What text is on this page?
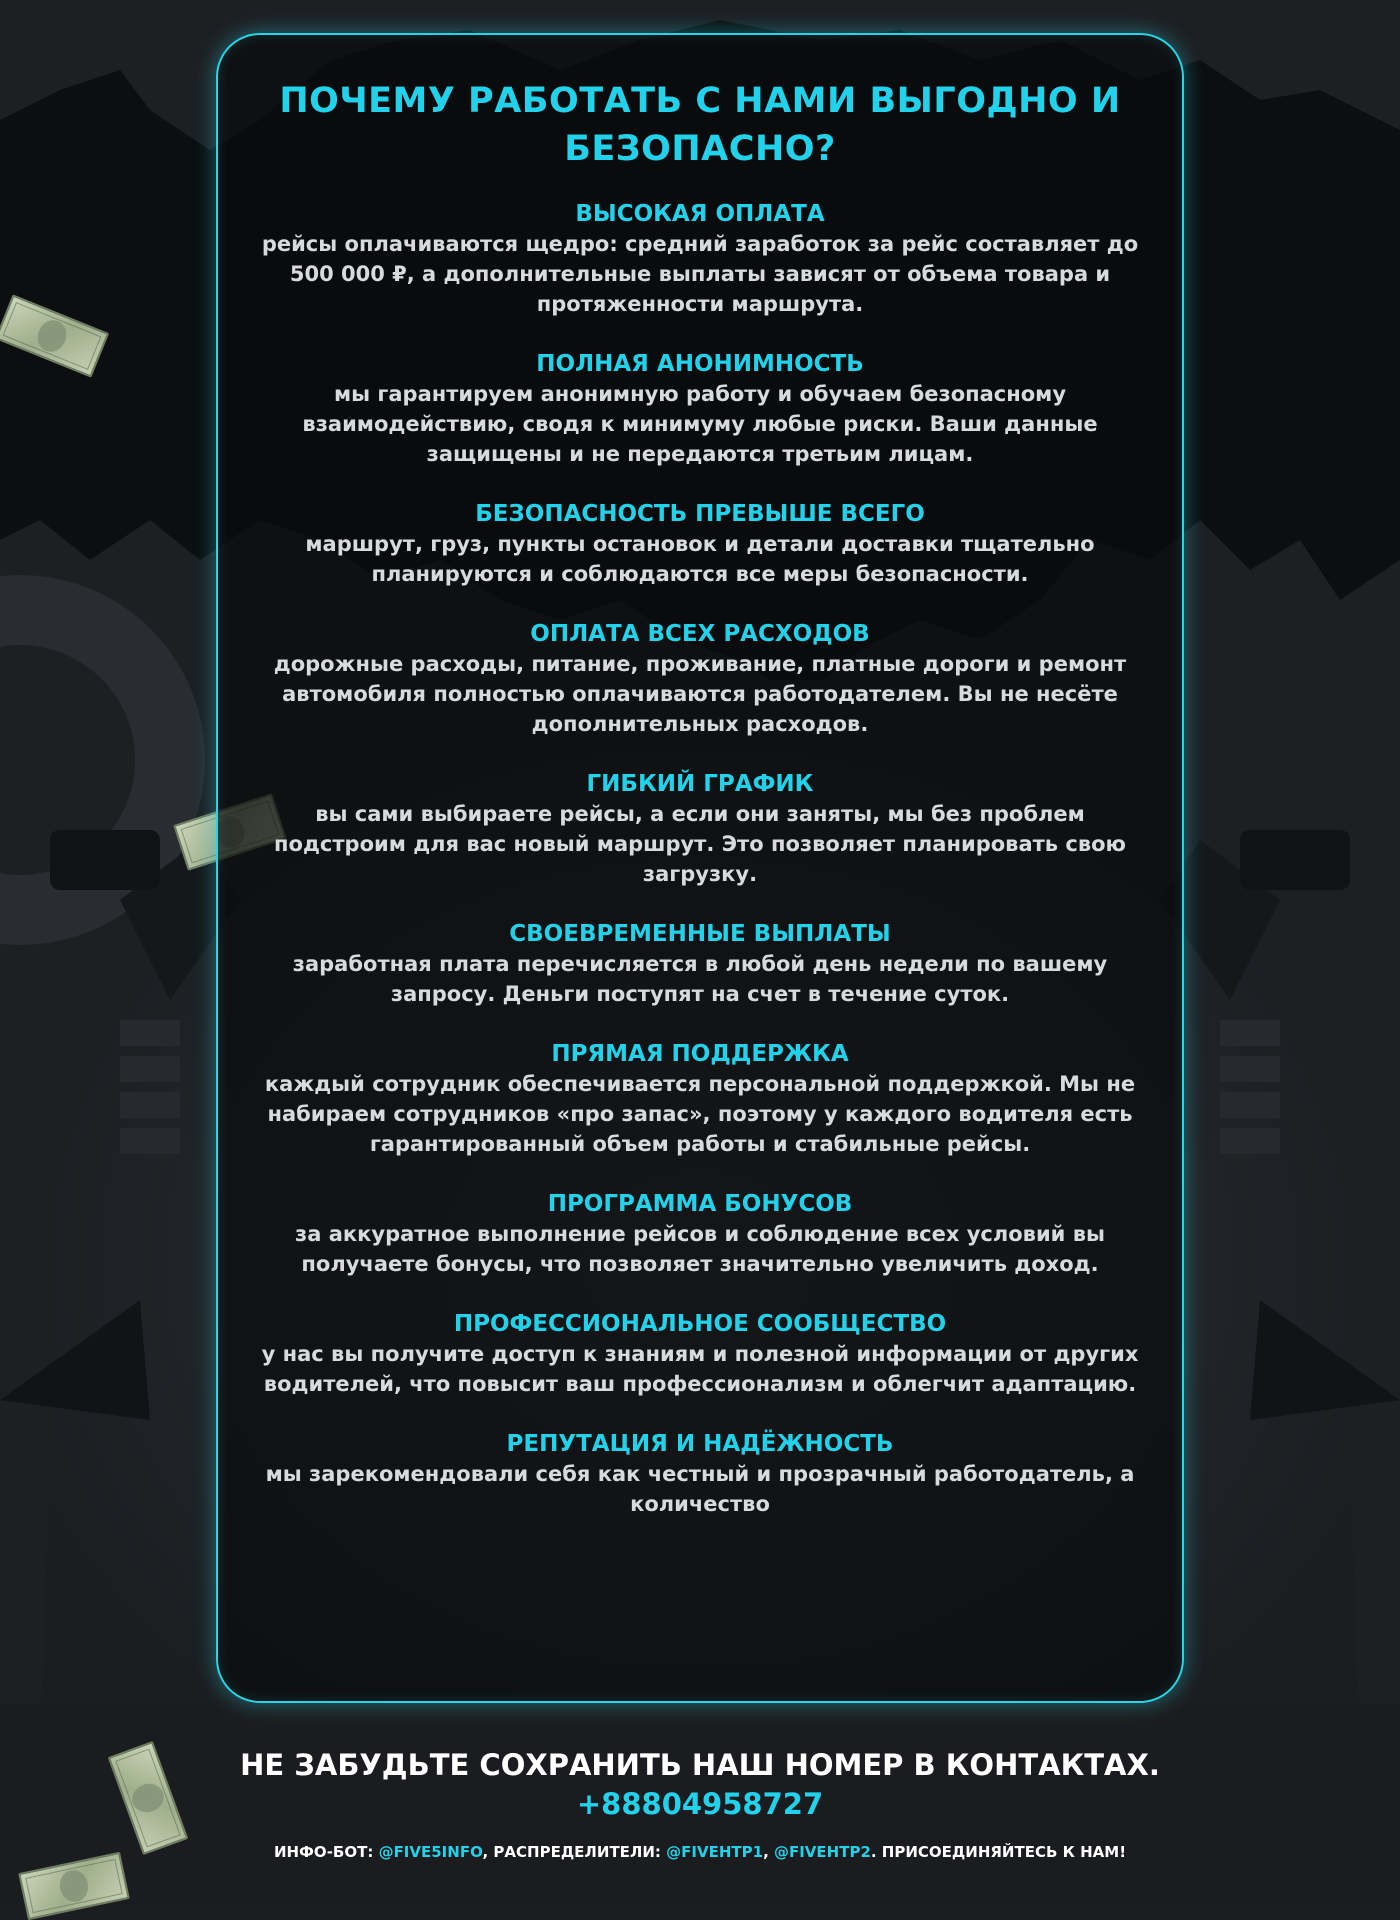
ПОЧЕМУ РАБОТАТЬ С НАМИ ВЫГОДНО И БЕЗОПАСНО?

ВЫСОКАЯ ОПЛАТА

рейсы оплачиваются щедро: средний заработок за рейс составляет до 500 000 ₽, а дополнительные выплаты зависят от объема товара и протяженности маршрута.

ПОЛНАЯ АНОНИМНОСТЬ

мы гарантируем анонимную работу и обучаем безопасному взаимодействию, сводя к минимуму любые риски. Ваши данные защищены и не передаются третьим лицам.

БЕЗОПАСНОСТЬ ПРЕВЫШЕ ВСЕГО

маршрут, груз, пункты остановок и детали доставки тщательно планируются и соблюдаются все меры безопасности.

ОПЛАТА ВСЕХ РАСХОДОВ

дорожные расходы, питание, проживание, платные дороги и ремонт автомобиля полностью оплачиваются работодателем. Вы не несёте дополнительных расходов.

ГИБКИЙ ГРАФИК

вы сами выбираете рейсы, а если они заняты, мы без проблем подстроим для вас новый маршрут. Это позволяет планировать свою загрузку.

СВОЕВРЕМЕННЫЕ ВЫПЛАТЫ

заработная плата перечисляется в любой день недели по вашему запросу. Деньги поступят на счет в течение суток.

ПРЯМАЯ ПОДДЕРЖКА

каждый сотрудник обеспечивается персональной поддержкой. Мы не набираем сотрудников «про запас», поэтому у каждого водителя есть гарантированный объем работы и стабильные рейсы.

ПРОГРАММА БОНУСОВ

за аккуратное выполнение рейсов и соблюдение всех условий вы получаете бонусы, что позволяет значительно увеличить доход.

ПРОФЕССИОНАЛЬНОЕ СООБЩЕСТВО

у нас вы получите доступ к знаниям и полезной информации от других водителей, что повысит ваш профессионализм и облегчит адаптацию.

РЕПУТАЦИЯ И НАДЁЖНОСТЬ

мы зарекомендовали себя как честный и прозрачный работодатель, а количество

НЕ ЗАБУДЬТЕ СОХРАНИТЬ НАШ НОМЕР В КОНТАКТАХ.

+88804958727

ИНФО-БОТ: @FIVE5INFO, РАСПРЕДЕЛИТЕЛИ: @FIVEHTP1, @FIVEHTP2. ПРИСОЕДИНЯЙТЕСЬ К НАМ!
